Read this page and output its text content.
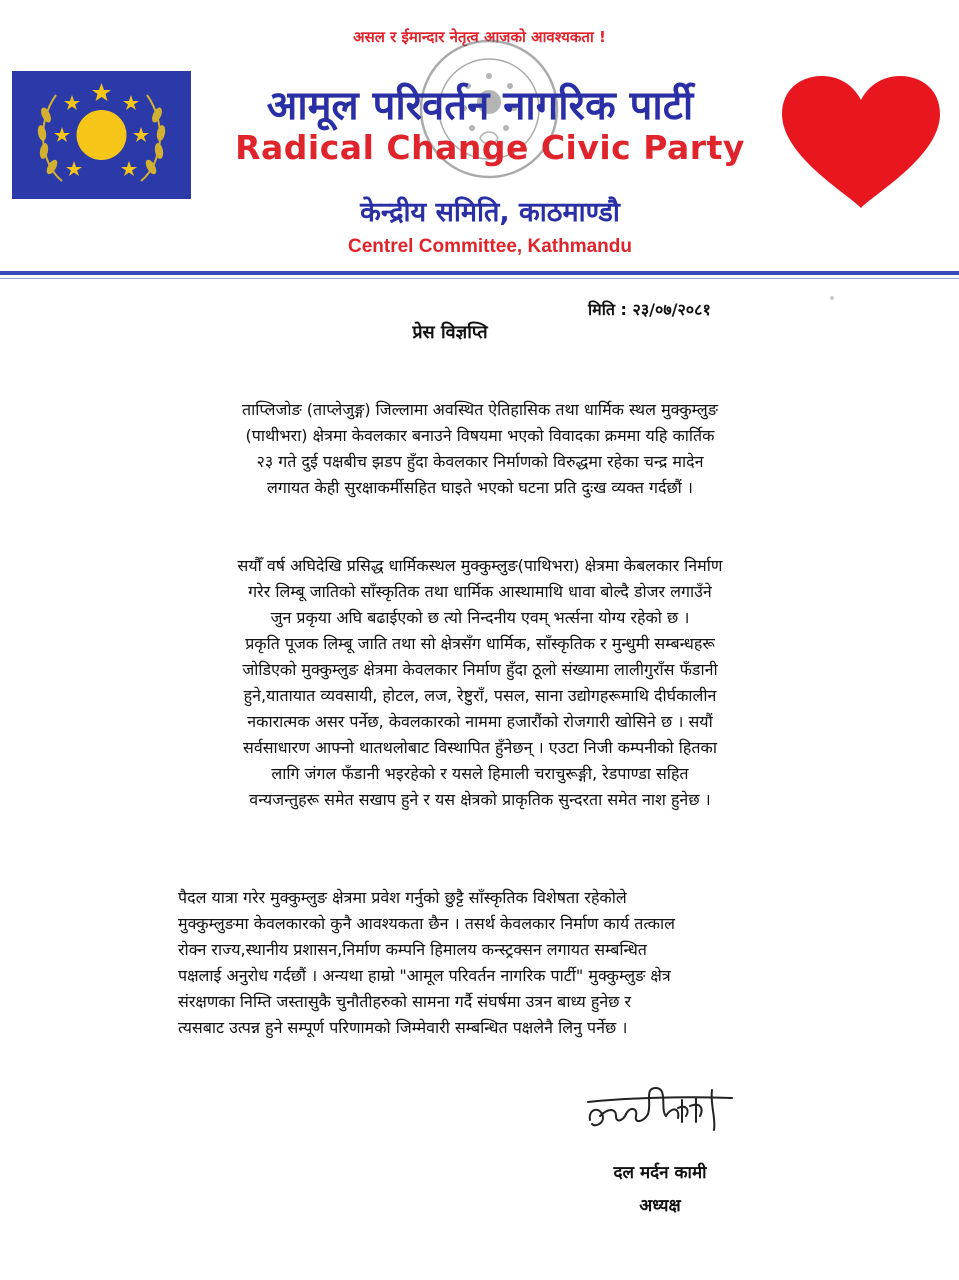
असल र ईमान्दार नेतृत्व आजको आवश्यकता !
आमूल परिवर्तन नागरिक पार्टी
Radical Change Civic Party
केन्द्रीय समिति, काठमाण्डौ
Centrel Committee, Kathmandu
मिति : २३/०७/२०८१
प्रेस विज्ञप्ति
ताप्लिजोङ (ताप्लेजुङ्ग) जिल्लामा अवस्थित ऐतिहासिक तथा धार्मिक स्थल मुक्कुम्लुङ
(पाथीभरा) क्षेत्रमा केवलकार बनाउने विषयमा भएको विवादका क्रममा यहि कार्तिक
२३ गते दुई पक्षबीच झडप हुँदा केवलकार निर्माणको विरुद्धमा रहेका चन्द्र मादेन
लगायत केही सुरक्षाकर्मीसहित घाइते भएको घटना प्रति दुःख व्यक्त गर्दछौं ।
सयौँ वर्ष अघिदेखि प्रसिद्ध धार्मिकस्थल मुक्कुम्लुङ(पाथिभरा) क्षेत्रमा केबलकार निर्माण
गरेर लिम्बू जातिको साँस्कृतिक तथा धार्मिक आस्थामाथि धावा बोल्दै डोजर लगाउँने
जुन प्रकृया अघि बढाईएको छ त्यो निन्दनीय एवम् भर्त्सना योग्य रहेको छ ।
प्रकृति पूजक लिम्बू जाति तथा सो क्षेत्रसँग धार्मिक, साँस्कृतिक र मुन्धुमी सम्बन्धहरू
जोडिएको मुक्कुम्लुङ क्षेत्रमा केवलकार निर्माण हुँदा ठूलो संख्यामा लालीगुराँस फँडानी
हुने,यातायात व्यवसायी, होटल, लज, रेष्टुराँ, पसल, साना उद्योगहरूमाथि दीर्घकालीन
नकारात्मक असर पर्नेछ, केवलकारको नाममा हजारौंको रोजगारी खोसिने छ । सयौं
सर्वसाधारण आफ्नो थातथलोबाट विस्थापित हुँनेछन् । एउटा निजी कम्पनीको हितका
लागि जंगल फँडानी भइरहेको र यसले हिमाली चराचुरूङ्गी, रेडपाण्डा सहित
वन्यजन्तुहरू समेत सखाप हुने र यस क्षेत्रको प्राकृतिक सुन्दरता समेत नाश हुनेछ ।
पैदल यात्रा गरेर मुक्कुम्लुङ क्षेत्रमा प्रवेश गर्नुको छुट्टै साँस्कृतिक विशेषता रहेकोले
मुक्कुम्लुङमा केवलकारको कुनै आवश्यकता छैन । तसर्थ केवलकार निर्माण कार्य तत्काल
रोक्न राज्य,स्थानीय प्रशासन,निर्माण कम्पनि हिमालय कन्स्ट्रक्सन लगायत सम्बन्धित
पक्षलाई अनुरोध गर्दछौं । अन्यथा हाम्रो "आमूल परिवर्तन नागरिक पार्टी" मुक्कुम्लुङ क्षेत्र
संरक्षणका निम्ति जस्तासुकै चुनौतीहरुको सामना गर्दै संघर्षमा उत्रन बाध्य हुनेछ र
त्यसबाट उत्पन्न हुने सम्पूर्ण परिणामको जिम्मेवारी सम्बन्धित पक्षलेनै लिनु पर्नेछ ।
दल मर्दन कामी
अध्यक्ष
